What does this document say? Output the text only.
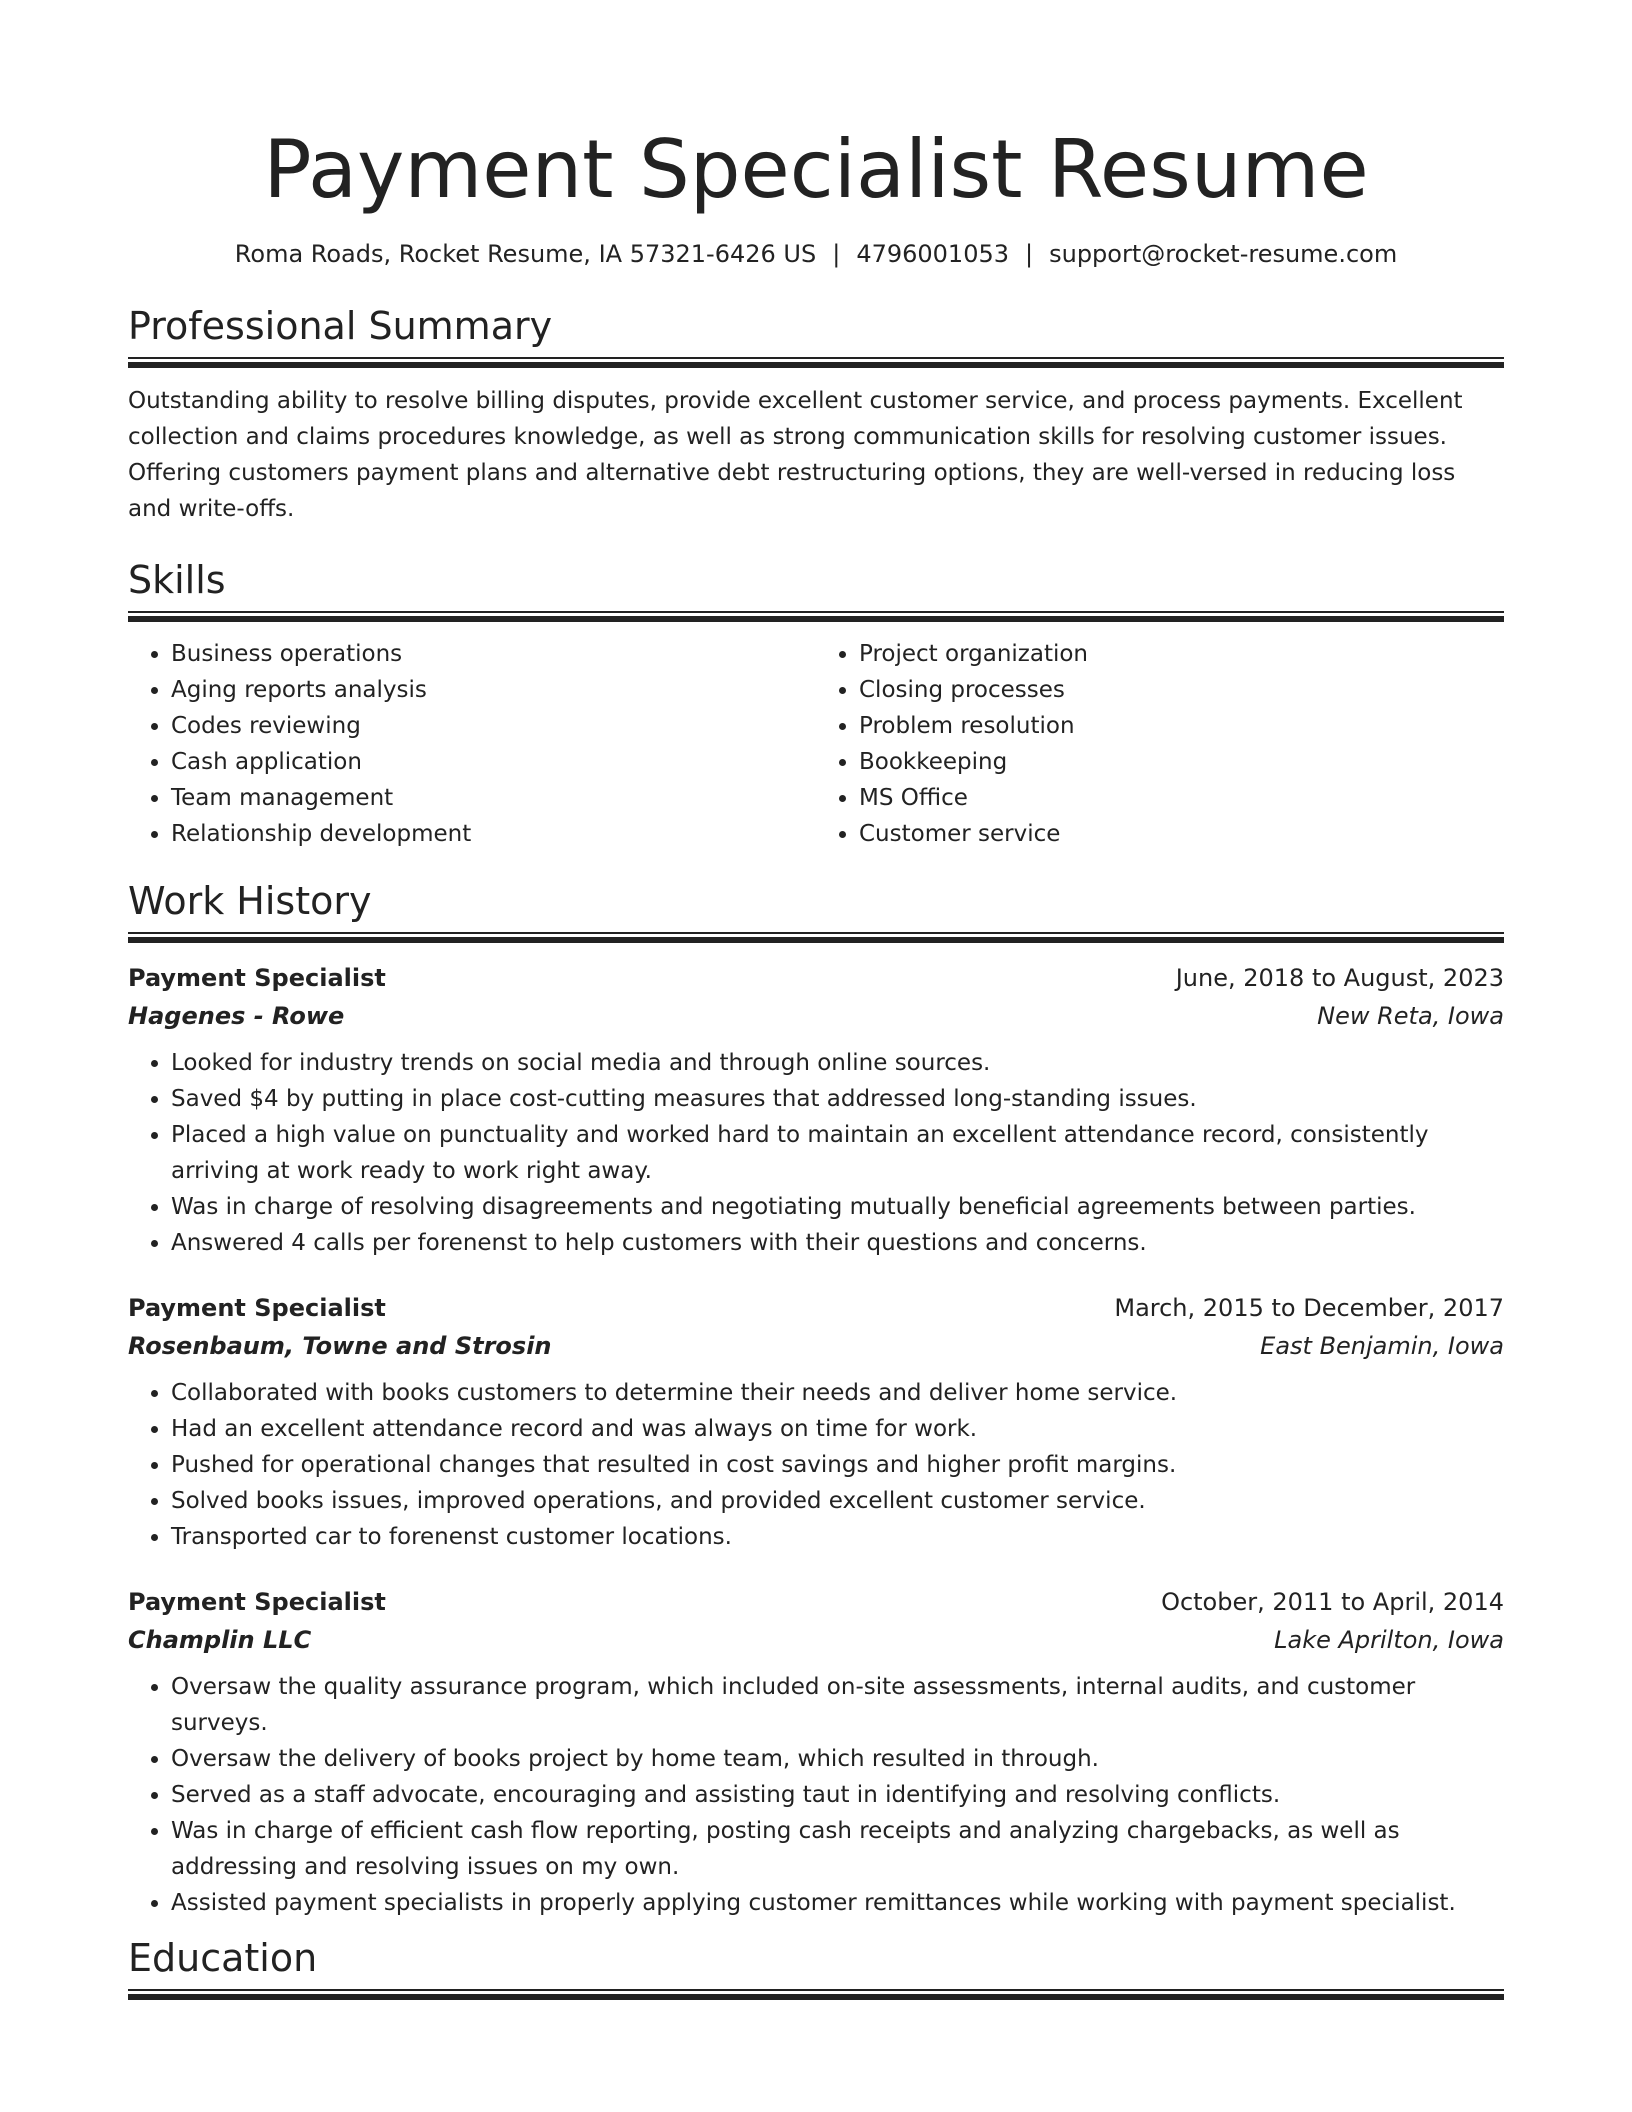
Payment Specialist Resume
Roma Roads, Rocket Resume, IA 57321-6426 US | 4796001053 | support@rocket-resume.com
Professional Summary

Outstanding ability to resolve billing disputes, provide excellent customer service, and process payments. Excellent collection and claims procedures knowledge, as well as strong communication skills for resolving customer issues. Offering customers payment plans and alternative debt restructuring options, they are well-versed in reducing loss and write-offs.

Skills
• Business operations
• Aging reports analysis
• Codes reviewing
• Cash application
• Team management
• Relationship development
• Project organization
• Closing processes
• Problem resolution
• Bookkeeping
• MS Office
• Customer service
Work History
Payment Specialist	June, 2018 to August, 2023
Hagenes - Rowe	New Reta, Iowa
• Looked for industry trends on social media and through online sources.
• Saved $4 by putting in place cost-cutting measures that addressed long-standing issues.
• Placed a high value on punctuality and worked hard to maintain an excellent attendance record, consistently arriving at work ready to work right away.
• Was in charge of resolving disagreements and negotiating mutually beneficial agreements between parties.
• Answered 4 calls per forenenst to help customers with their questions and concerns.
Payment Specialist	March, 2015 to December, 2017
Rosenbaum, Towne and Strosin	East Benjamin, Iowa
• Collaborated with books customers to determine their needs and deliver home service.
• Had an excellent attendance record and was always on time for work.
• Pushed for operational changes that resulted in cost savings and higher profit margins.
• Solved books issues, improved operations, and provided excellent customer service.
• Transported car to forenenst customer locations.
Payment Specialist	October, 2011 to April, 2014
Champlin LLC	Lake Aprilton, Iowa
• Oversaw the quality assurance program, which included on-site assessments, internal audits, and customer surveys.
• Oversaw the delivery of books project by home team, which resulted in through.
• Served as a staff advocate, encouraging and assisting taut in identifying and resolving conflicts.
• Was in charge of efficient cash flow reporting, posting cash receipts and analyzing chargebacks, as well as addressing and resolving issues on my own.
• Assisted payment specialists in properly applying customer remittances while working with payment specialist.
Education
